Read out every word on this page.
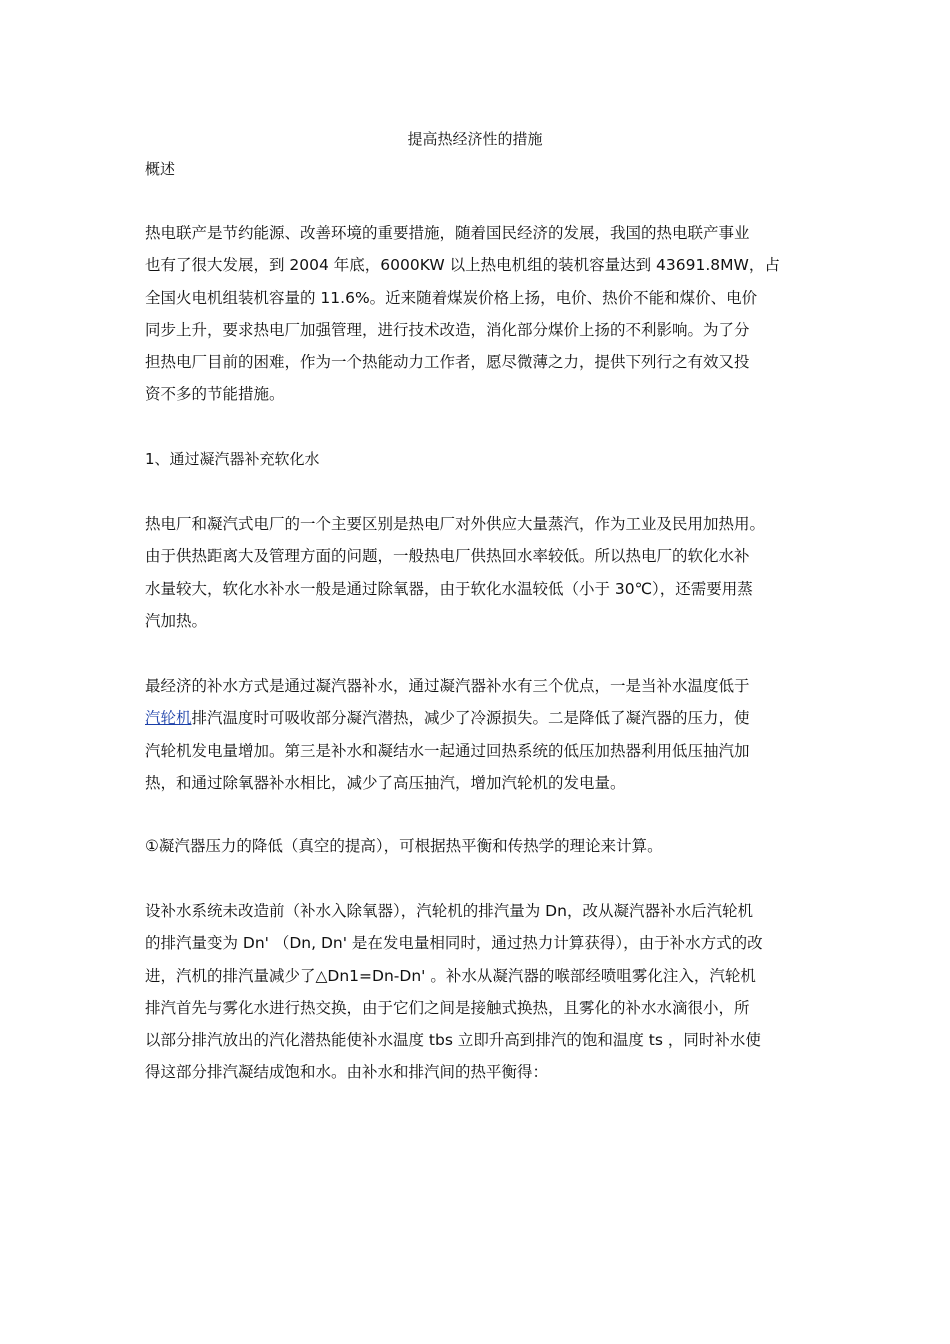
提高热经济性的措施
概述
热电联产是节约能源、改善环境的重要措施，随着国民经济的发展，我国的热电联产事业
也有了很大发展，到 2004 年底，6000KW 以上热电机组的装机容量达到 43691.8MW，占
全国火电机组装机容量的 11.6%。近来随着煤炭价格上扬，电价、热价不能和煤价、电价
同步上升，要求热电厂加强管理，进行技术改造，消化部分煤价上扬的不利影响。为了分
担热电厂目前的困难，作为一个热能动力工作者，愿尽微薄之力，提供下列行之有效又投
资不多的节能措施。
1、通过凝汽器补充软化水
热电厂和凝汽式电厂的一个主要区别是热电厂对外供应大量蒸汽，作为工业及民用加热用。
由于供热距离大及管理方面的问题，一般热电厂供热回水率较低。所以热电厂的软化水补
水量较大，软化水补水一般是通过除氧器，由于软化水温较低（小于 30℃），还需要用蒸
汽加热。
最经济的补水方式是通过凝汽器补水，通过凝汽器补水有三个优点，一是当补水温度低于
汽轮机排汽温度时可吸收部分凝汽潜热，减少了冷源损失。二是降低了凝汽器的压力，使
汽轮机发电量增加。第三是补水和凝结水一起通过回热系统的低压加热器利用低压抽汽加
热，和通过除氧器补水相比，减少了高压抽汽，增加汽轮机的发电量。
①凝汽器压力的降低（真空的提高），可根据热平衡和传热学的理论来计算。
设补水系统未改造前（补水入除氧器），汽轮机的排汽量为 Dn，改从凝汽器补水后汽轮机
的排汽量变为 Dn' （Dn, Dn' 是在发电量相同时，通过热力计算获得），由于补水方式的改
进，汽机的排汽量减少了△Dn1=Dn-Dn' 。补水从凝汽器的喉部经喷咀雾化注入，汽轮机
排汽首先与雾化水进行热交换，由于它们之间是接触式换热，且雾化的补水水滴很小，所
以部分排汽放出的汽化潜热能使补水温度 tbs 立即升高到排汽的饱和温度 ts ，同时补水使
得这部分排汽凝结成饱和水。由补水和排汽间的热平衡得：
